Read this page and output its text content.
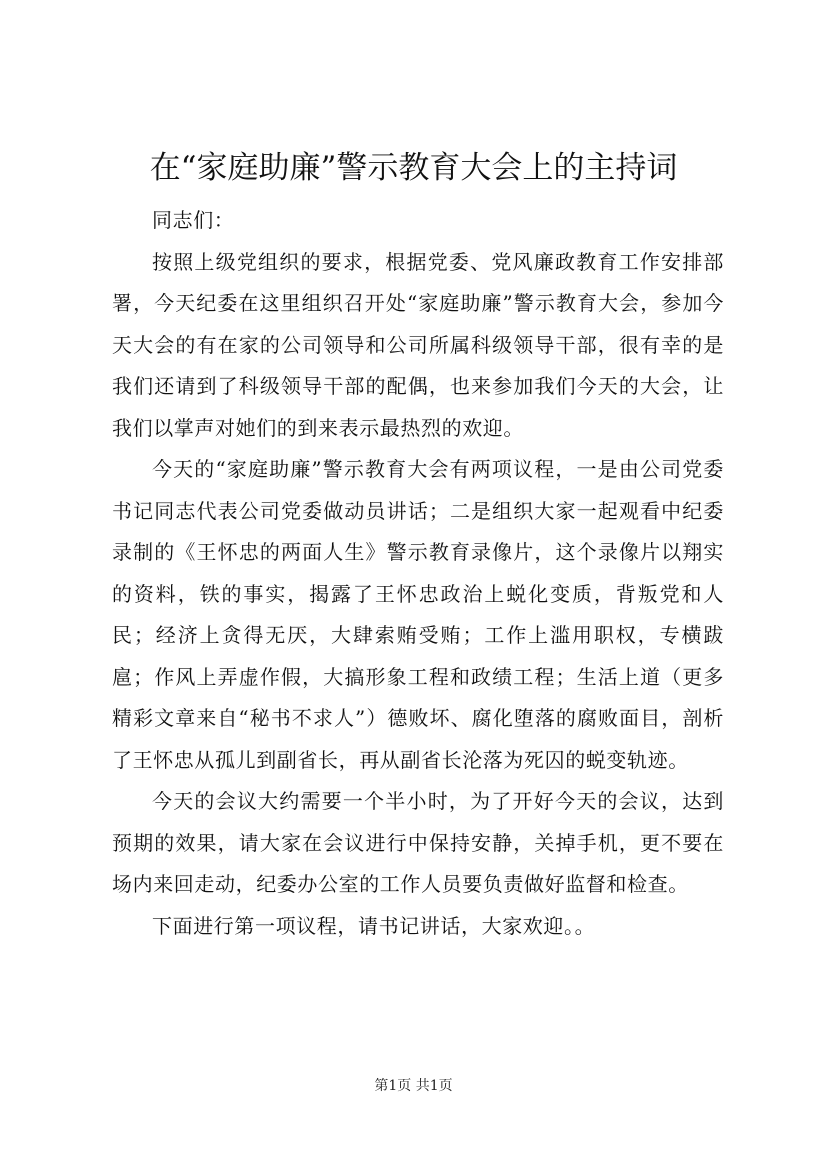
在“家庭助廉”警示教育大会上的主持词

同志们：

按照上级党组织的要求，根据党委、党风廉政教育工作安排部署，今天纪委在这里组织召开处“家庭助廉”警示教育大会，参加今天大会的有在家的公司领导和公司所属科级领导干部，很有幸的是我们还请到了科级领导干部的配偶，也来参加我们今天的大会，让我们以掌声对她们的到来表示最热烈的欢迎。

今天的“家庭助廉”警示教育大会有两项议程，一是由公司党委书记同志代表公司党委做动员讲话；二是组织大家一起观看中纪委录制的《王怀忠的两面人生》警示教育录像片，这个录像片以翔实的资料，铁的事实，揭露了王怀忠政治上蜕化变质，背叛党和人民；经济上贪得无厌，大肆索贿受贿；工作上滥用职权，专横跋扈；作风上弄虚作假，大搞形象工程和政绩工程；生活上道（更多精彩文章来自“秘书不求人”）德败坏、腐化堕落的腐败面目，剖析了王怀忠从孤儿到副省长，再从副省长沦落为死囚的蜕变轨迹。

今天的会议大约需要一个半小时，为了开好今天的会议，达到预期的效果，请大家在会议进行中保持安静，关掉手机，更不要在场内来回走动，纪委办公室的工作人员要负责做好监督和检查。

下面进行第一项议程，请书记讲话，大家欢迎。。

第1页 共1页
